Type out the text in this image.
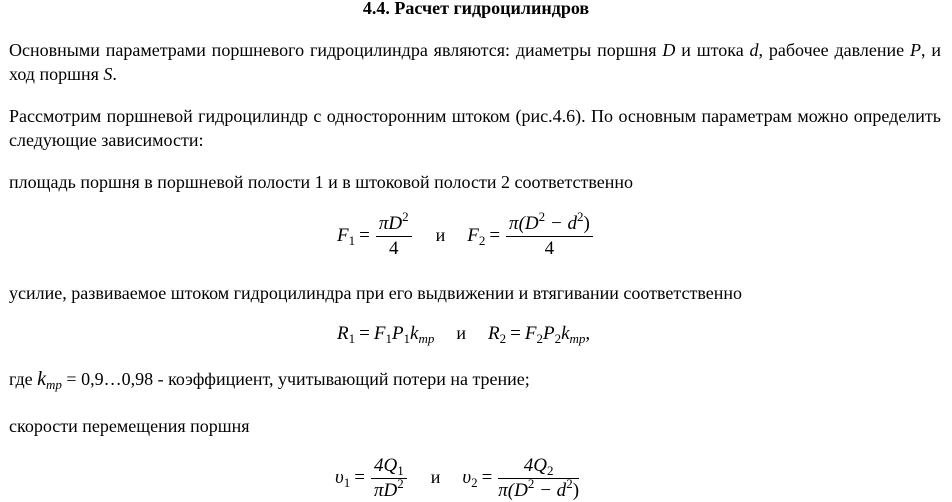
4.4. Расчет гидроцилиндров
Основными параметрами поршневого гидроцилиндра являются: диаметры поршня D и штока d, рабочее давление P, и ход поршня S.
Рассмотрим поршневой гидроцилиндр с односторонним штоком (рис.4.6). По основным параметрам можно определить следующие зависимости:
площадь поршня в поршневой полости 1 и в штоковой полости 2 соответственно
$F_1 = \frac{\pi D^2}{4}$ и $F_2 = \frac{\pi(D^2 - d^2)}{4}$
усилие, развиваемое штоком гидроцилиндра при его выдвижении и втягивании соответственно
$R_1 = F_1P_1k_{тр}$ и $R_2 = F_2P_2k_{тр}$,
где $k_{тр}$ = 0,9…0,98 - коэффициент, учитывающий потери на трение;
скорости перемещения поршня
$\upsilon_1 = \frac{4Q_1}{\pi D^2}$ и $\upsilon_2 = \frac{4Q_2}{\pi(D^2 - d^2)}$
